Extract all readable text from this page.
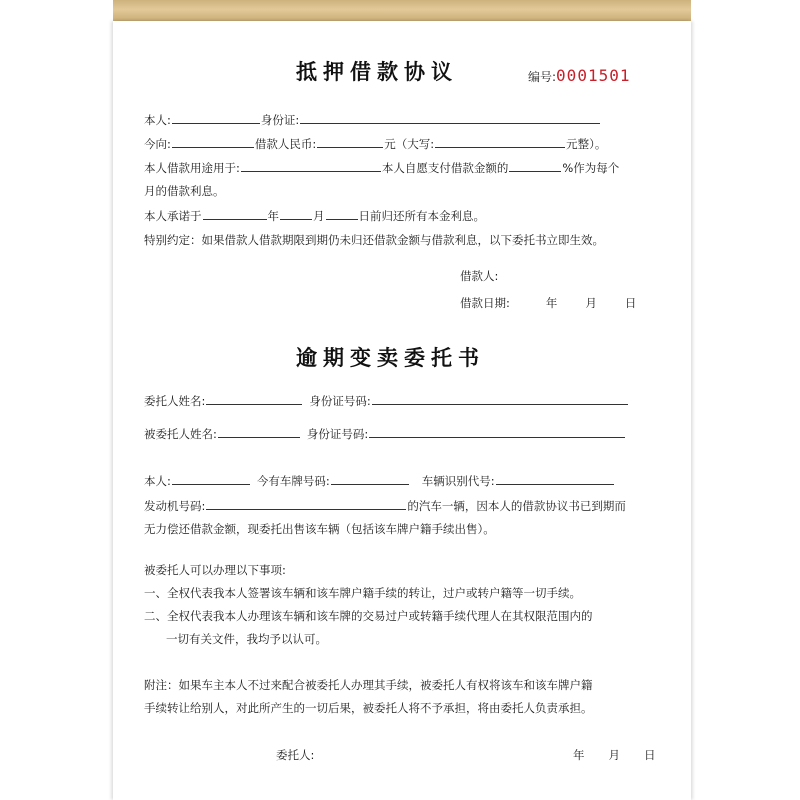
抵押借款协议	编号:0001501
本人:	身份证:
今向:	借款人民币:	元（大写:	元整）。
本人借款用途用于:	本人自愿支付借款金额的	%作为每个
月的借款利息。
本人承诺于	年	月	日前归还所有本金利息。
特别约定：如果借款人借款期限到期仍未归还借款金额与借款利息，以下委托书立即生效。
借款人:
借款日期:	年 月 日
逾期变卖委托书
委托人姓名:	身份证号码:
被委托人姓名:	身份证号码:
本人:	今有车牌号码:	车辆识别代号:
发动机号码:	的汽车一辆，因本人的借款协议书已到期而
无力偿还借款金额，现委托出售该车辆（包括该车牌户籍手续出售）。
被委托人可以办理以下事项:
一、全权代表我本人签署该车辆和该车牌户籍手续的转让，过户或转户籍等一切手续。
二、全权代表我本人办理该车辆和该车牌的交易过户或转籍手续代理人在其权限范围内的
一切有关文件，我均予以认可。
附注：如果车主本人不过来配合被委托人办理其手续，被委托人有权将该车和该车牌户籍
手续转让给别人，对此所产生的一切后果，被委托人将不予承担，将由委托人负责承担。
委托人:	年 月 日
